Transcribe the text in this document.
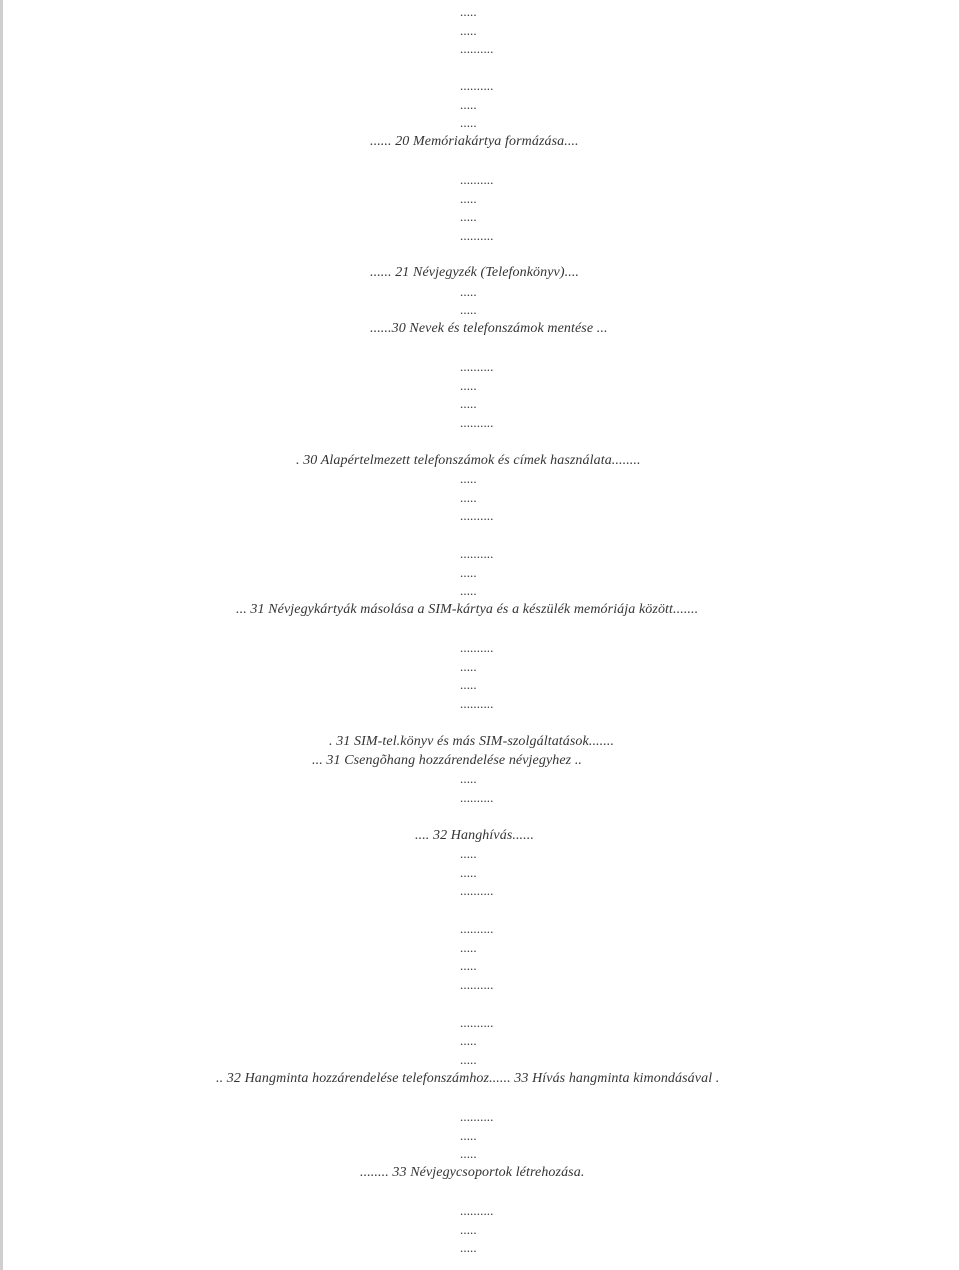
.....
.....
..........
..........
.....
.....
...... 20 Memóriakártya formázása....
..........
.....
.....
..........
...... 21 Névjegyzék (Telefonkönyv)....
.....
.....
......30 Nevek és telefonszámok mentése ...
..........
.....
.....
..........
. 30 Alapértelmezett telefonszámok és címek használata........
.....
.....
..........
..........
.....
.....
... 31 Névjegykártyák másolása a SIM-kártya és a készülék memóriája között.......
..........
.....
.....
..........
. 31 SIM-tel.könyv és más SIM-szolgáltatások.......
... 31 Csengõhang hozzárendelése névjegyhez ..
.....
..........
.... 32 Hanghívás......
.....
.....
..........
..........
.....
.....
..........
..........
.....
.....
.. 32 Hangminta hozzárendelése telefonszámhoz...... 33 Hívás hangminta kimondásával .
..........
.....
.....
........ 33 Névjegycsoportok létrehozása.
..........
.....
.....
